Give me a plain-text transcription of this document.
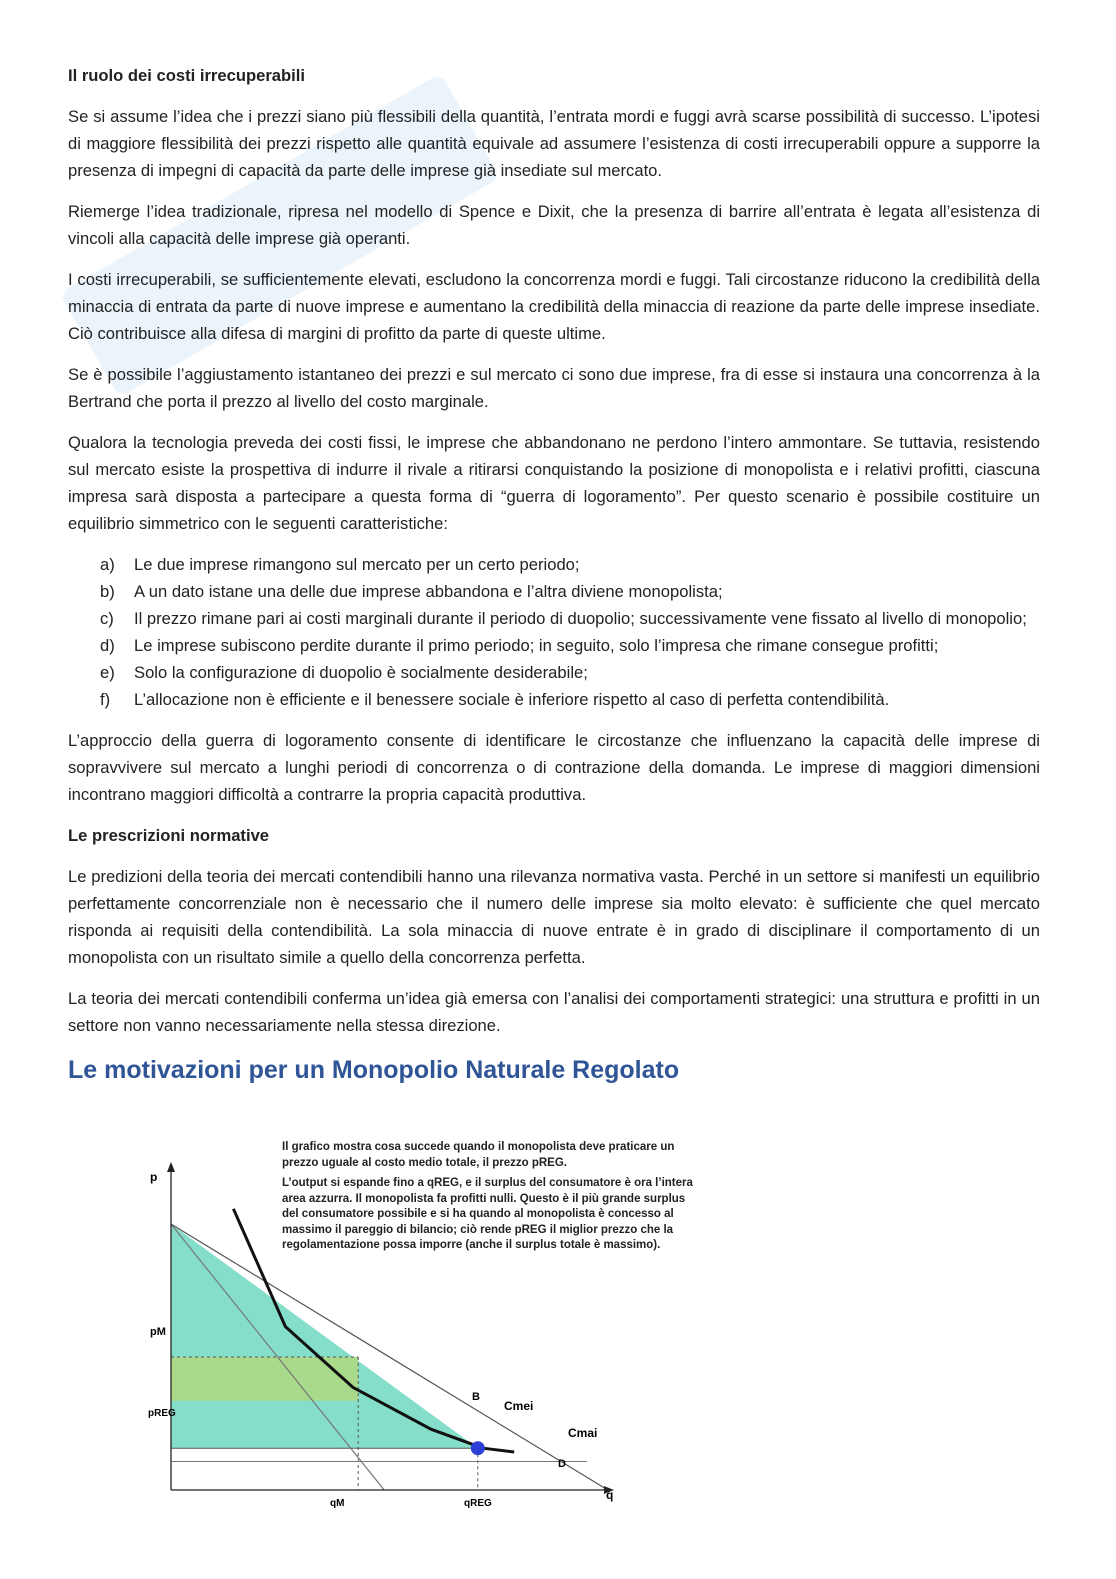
Il ruolo dei costi irrecuperabili

Se si assume l’idea che i prezzi siano più flessibili della quantità, l’entrata mordi e fuggi avrà scarse possibilità di successo. L’ipotesi di maggiore flessibilità dei prezzi rispetto alle quantità equivale ad assumere l’esistenza di costi irrecuperabili oppure a supporre la presenza di impegni di capacità da parte delle imprese già insediate sul mercato.

Riemerge l’idea tradizionale, ripresa nel modello di Spence e Dixit, che la presenza di barrire all’entrata è legata all’esistenza di vincoli alla capacità delle imprese già operanti.

I costi irrecuperabili, se sufficientemente elevati, escludono la concorrenza mordi e fuggi. Tali circostanze riducono la credibilità della minaccia di entrata da parte di nuove imprese e aumentano la credibilità della minaccia di reazione da parte delle imprese insediate. Ciò contribuisce alla difesa di margini di profitto da parte di queste ultime.

Se è possibile l’aggiustamento istantaneo dei prezzi e sul mercato ci sono due imprese, fra di esse si instaura una concorrenza à la Bertrand che porta il prezzo al livello del costo marginale.

Qualora la tecnologia preveda dei costi fissi, le imprese che abbandonano ne perdono l’intero ammontare. Se tuttavia, resistendo sul mercato esiste la prospettiva di indurre il rivale a ritirarsi conquistando la posizione di monopolista e i relativi profitti, ciascuna impresa sarà disposta a partecipare a questa forma di “guerra di logoramento”. Per questo scenario è possibile costituire un equilibrio simmetrico con le seguenti caratteristiche:

a) Le due imprese rimangono sul mercato per un certo periodo;
b) A un dato istane una delle due imprese abbandona e l’altra diviene monopolista;
c) Il prezzo rimane pari ai costi marginali durante il periodo di duopolio; successivamente vene fissato al livello di monopolio;
d) Le imprese subiscono perdite durante il primo periodo; in seguito, solo l’impresa che rimane consegue profitti;
e) Solo la configurazione di duopolio è socialmente desiderabile;
f) L’allocazione non è efficiente e il benessere sociale è inferiore rispetto al caso di perfetta contendibilità.

L’approccio della guerra di logoramento consente di identificare le circostanze che influenzano la capacità delle imprese di sopravvivere sul mercato a lunghi periodi di concorrenza o di contrazione della domanda. Le imprese di maggiori dimensioni incontrano maggiori difficoltà a contrarre la propria capacità produttiva.

Le prescrizioni normative

Le predizioni della teoria dei mercati contendibili hanno una rilevanza normativa vasta. Perché in un settore si manifesti un equilibrio perfettamente concorrenziale non è necessario che il numero delle imprese sia molto elevato: è sufficiente che quel mercato risponda ai requisiti della contendibilità. La sola minaccia di nuove entrate è in grado di disciplinare il comportamento di un monopolista con un risultato simile a quello della concorrenza perfetta.

La teoria dei mercati contendibili conferma un’idea già emersa con l’analisi dei comportamenti strategici: una struttura e profitti in un settore non vanno necessariamente nella stessa direzione.

Le motivazioni per un Monopolio Naturale Regolato
Il grafico mostra cosa succede quando il monopolista deve praticare un prezzo uguale al costo medio totale, il prezzo pREG.
L’output si espande fino a qREG, e il surplus del consumatore è ora l’intera area azzurra. Il monopolista fa profitti nulli. Questo è il più grande surplus del consumatore possibile e si ha quando al monopolista è concesso al massimo il pareggio di bilancio; ciò rende pREG il miglior prezzo che la regolamentazione possa imporre (anche il surplus totale è massimo).
p
q
pM
pREG
qM	qREG
B
Cmei
Cmai
D
